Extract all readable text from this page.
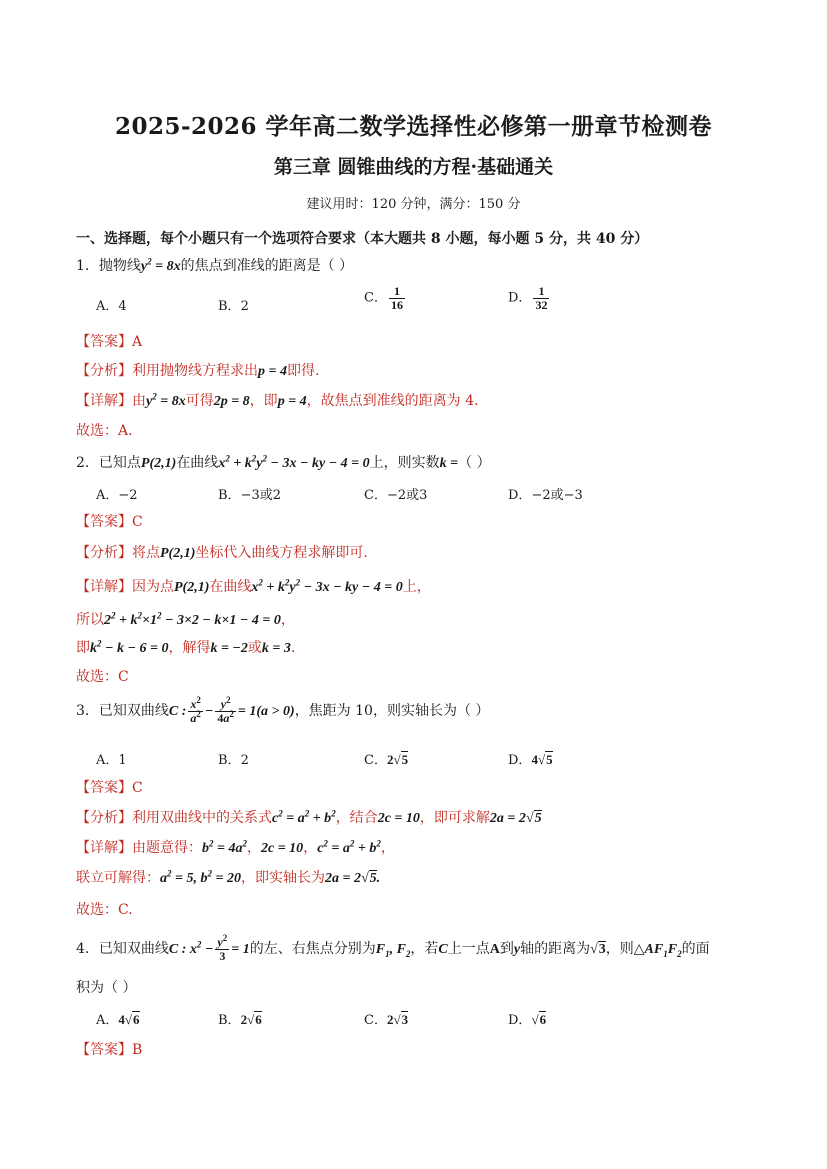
2025-2026 学年高二数学选择性必修第一册章节检测卷
第三章 圆锥曲线的方程·基础通关
建议用时：120 分钟，满分：150 分
一、选择题，每个小题只有一个选项符合要求（本大题共 8 小题，每小题 5 分，共 40 分）
1．抛物线$y^2 = 8x$的焦点到准线的距离是（ ）
A．4	B．2
C． $\frac{1}{16}$	D． $\frac{1}{32}$
【答案】A
【分析】利用抛物线方程求出p = 4即得.
【详解】由$y^2 = 8x$可得2p = 8，即p = 4，故焦点到准线的距离为 4.
故选：A.
2．已知点P(2,1)在曲线$x^2 + k^2y^2 - 3x$ − ky − 4 = 0上，则实数k =（ ）
A．−2	B．−3或2	C．−2或3	D．−2或−3
【答案】C
【分析】将点P(2,1)坐标代入曲线方程求解即可.
【详解】因为点P(2,1)在曲线$x^2 + k^2y^2 - 3x$ − ky − 4 = 0上，
所以$2^2 + k^2\times 1^2 - 3\times 2 - k\times 1 - 4 = 0$，
即$k^2 - k - 6 = 0$，解得k = −2或k = 3.
故选：C
3．已知双曲线C : $\frac{x^2}{a^2} - \frac{y^2}{4a^2} = 1(a > 0)$，焦距为 10，则实轴长为（ ）
A．1	B．2	C．2√5	D．4√5
【答案】C
【分析】利用双曲线中的关系式$c^2 = a^2 + b^2$，结合2c = 10，即可求解2a = 2√5
【详解】由题意得：$b^2 = 4a^2$，2c = 10，$c^2 = a^2 + b^2$，
联立可解得：$a^2 = 5$, $b^2 = 20$，即实轴长为2a = 2√5.
故选：C.
4．已知双曲线C : $x^2 - \frac{y^2}{3} = 1$的左、右焦点分别为$F_1$, $F_2$，若C上一点A到y轴的距离为√3，则$\triangle AF_1F_2$的面
积为（ ）
A．4√6	B．2√6	C．2√3	D．√6
【答案】B
